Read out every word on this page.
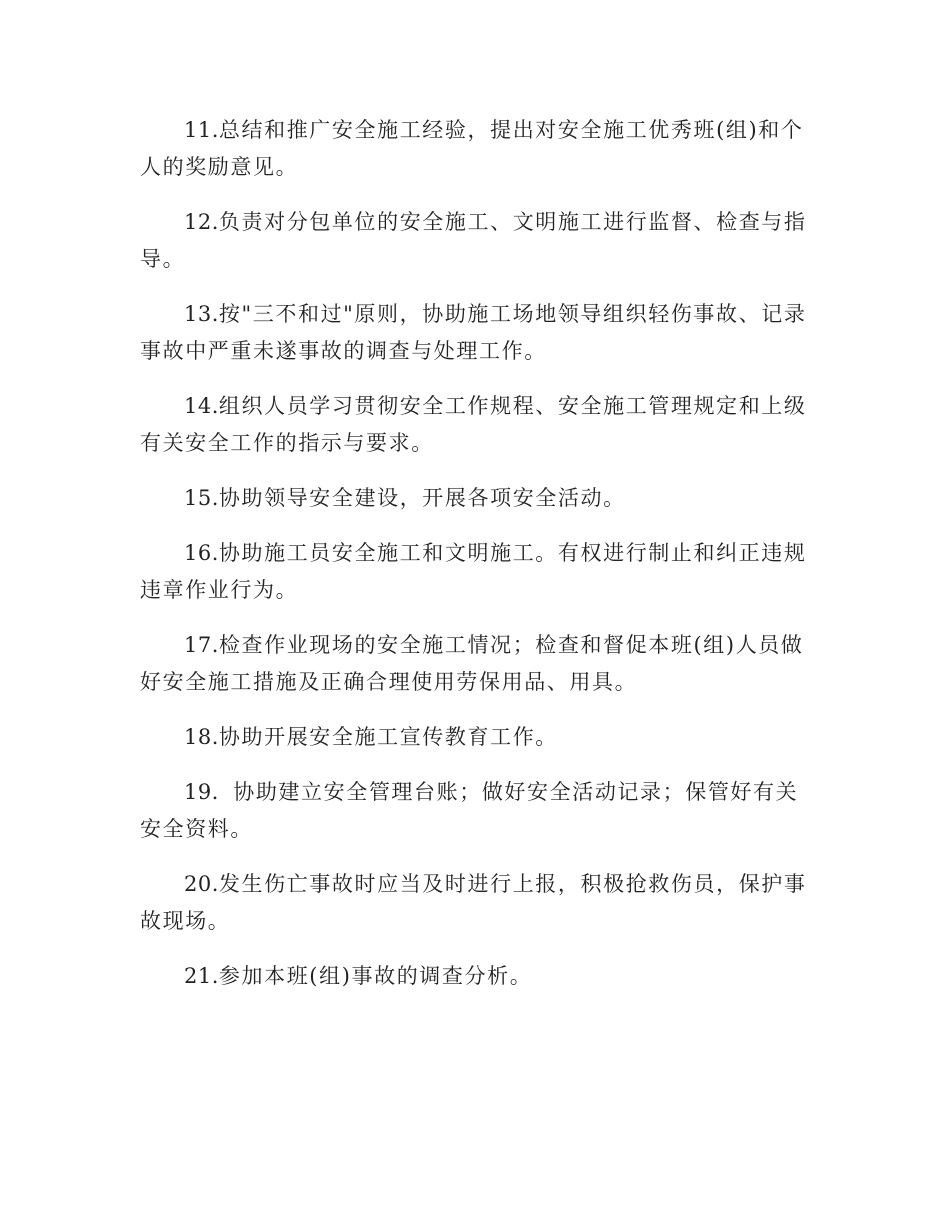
11.总结和推广安全施工经验，提出对安全施工优秀班(组)和个人的奖励意见。

12.负责对分包单位的安全施工、文明施工进行监督、检查与指导。

13.按"三不和过"原则，协助施工场地领导组织轻伤事故、记录事故中严重未遂事故的调查与处理工作。

14.组织人员学习贯彻安全工作规程、安全施工管理规定和上级有关安全工作的指示与要求。

15.协助领导安全建设，开展各项安全活动。

16.协助施工员安全施工和文明施工。有权进行制止和纠正违规违章作业行为。

17.检查作业现场的安全施工情况；检查和督促本班(组)人员做好安全施工措施及正确合理使用劳保用品、用具。

18.协助开展安全施工宣传教育工作。

19．协助建立安全管理台账；做好安全活动记录；保管好有关安全资料。

20.发生伤亡事故时应当及时进行上报，积极抢救伤员，保护事故现场。

21.参加本班(组)事故的调查分析。
